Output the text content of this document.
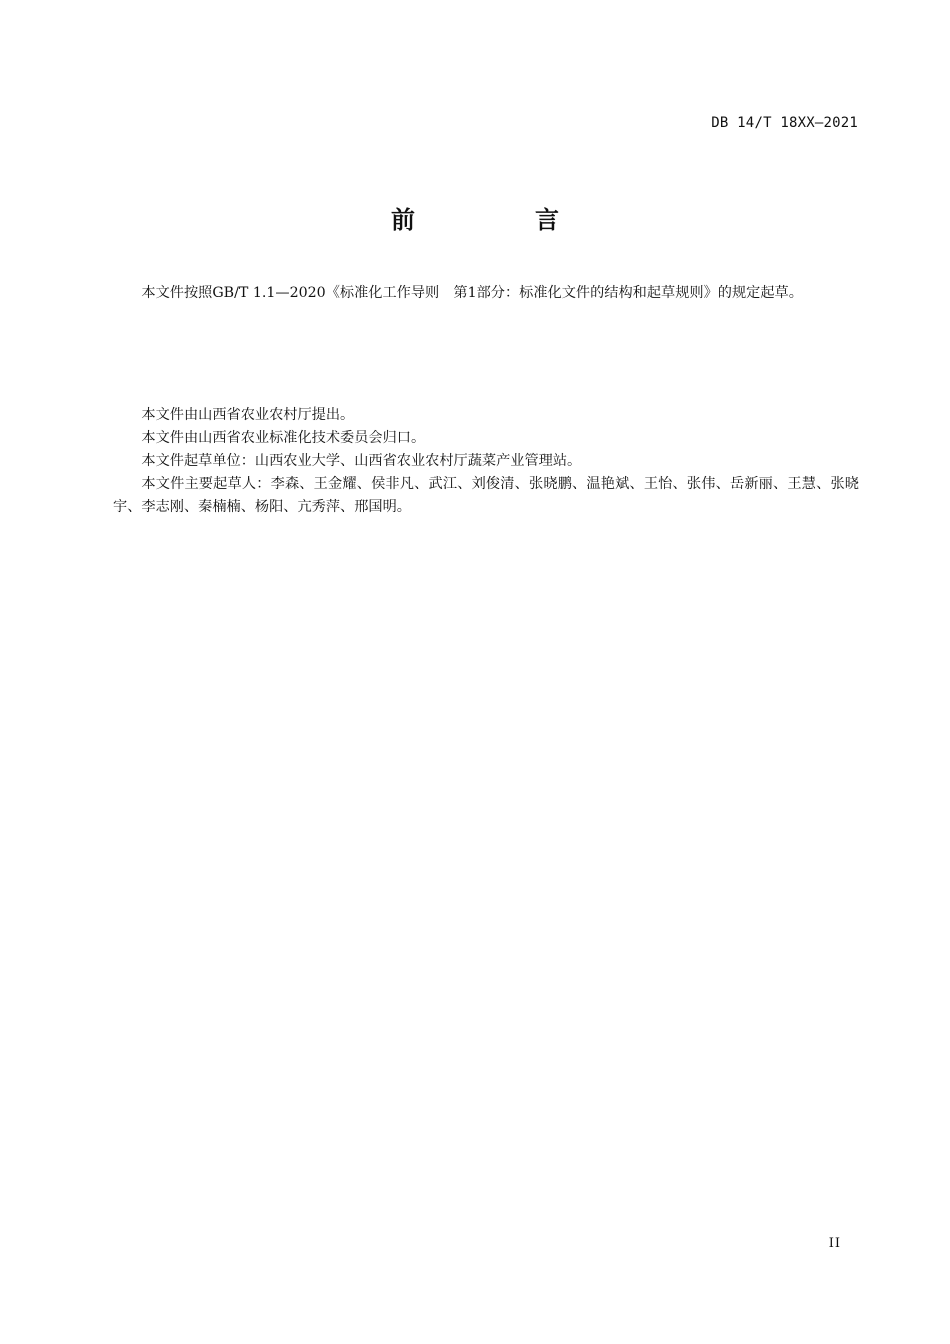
DB 14/T 18XX—2021
前　言

本文件按照GB/T 1.1—2020《标准化工作导则　第1部分：标准化文件的结构和起草规则》的规定起草。

本文件由山西省农业农村厅提出。

本文件由山西省农业标准化技术委员会归口。

本文件起草单位：山西农业大学、山西省农业农村厅蔬菜产业管理站。

本文件主要起草人：李森、王金耀、侯非凡、武江、刘俊清、张晓鹏、温艳斌、王怡、张伟、岳新丽、王慧、张晓宇、李志刚、秦楠楠、杨阳、亢秀萍、邢国明。

II
